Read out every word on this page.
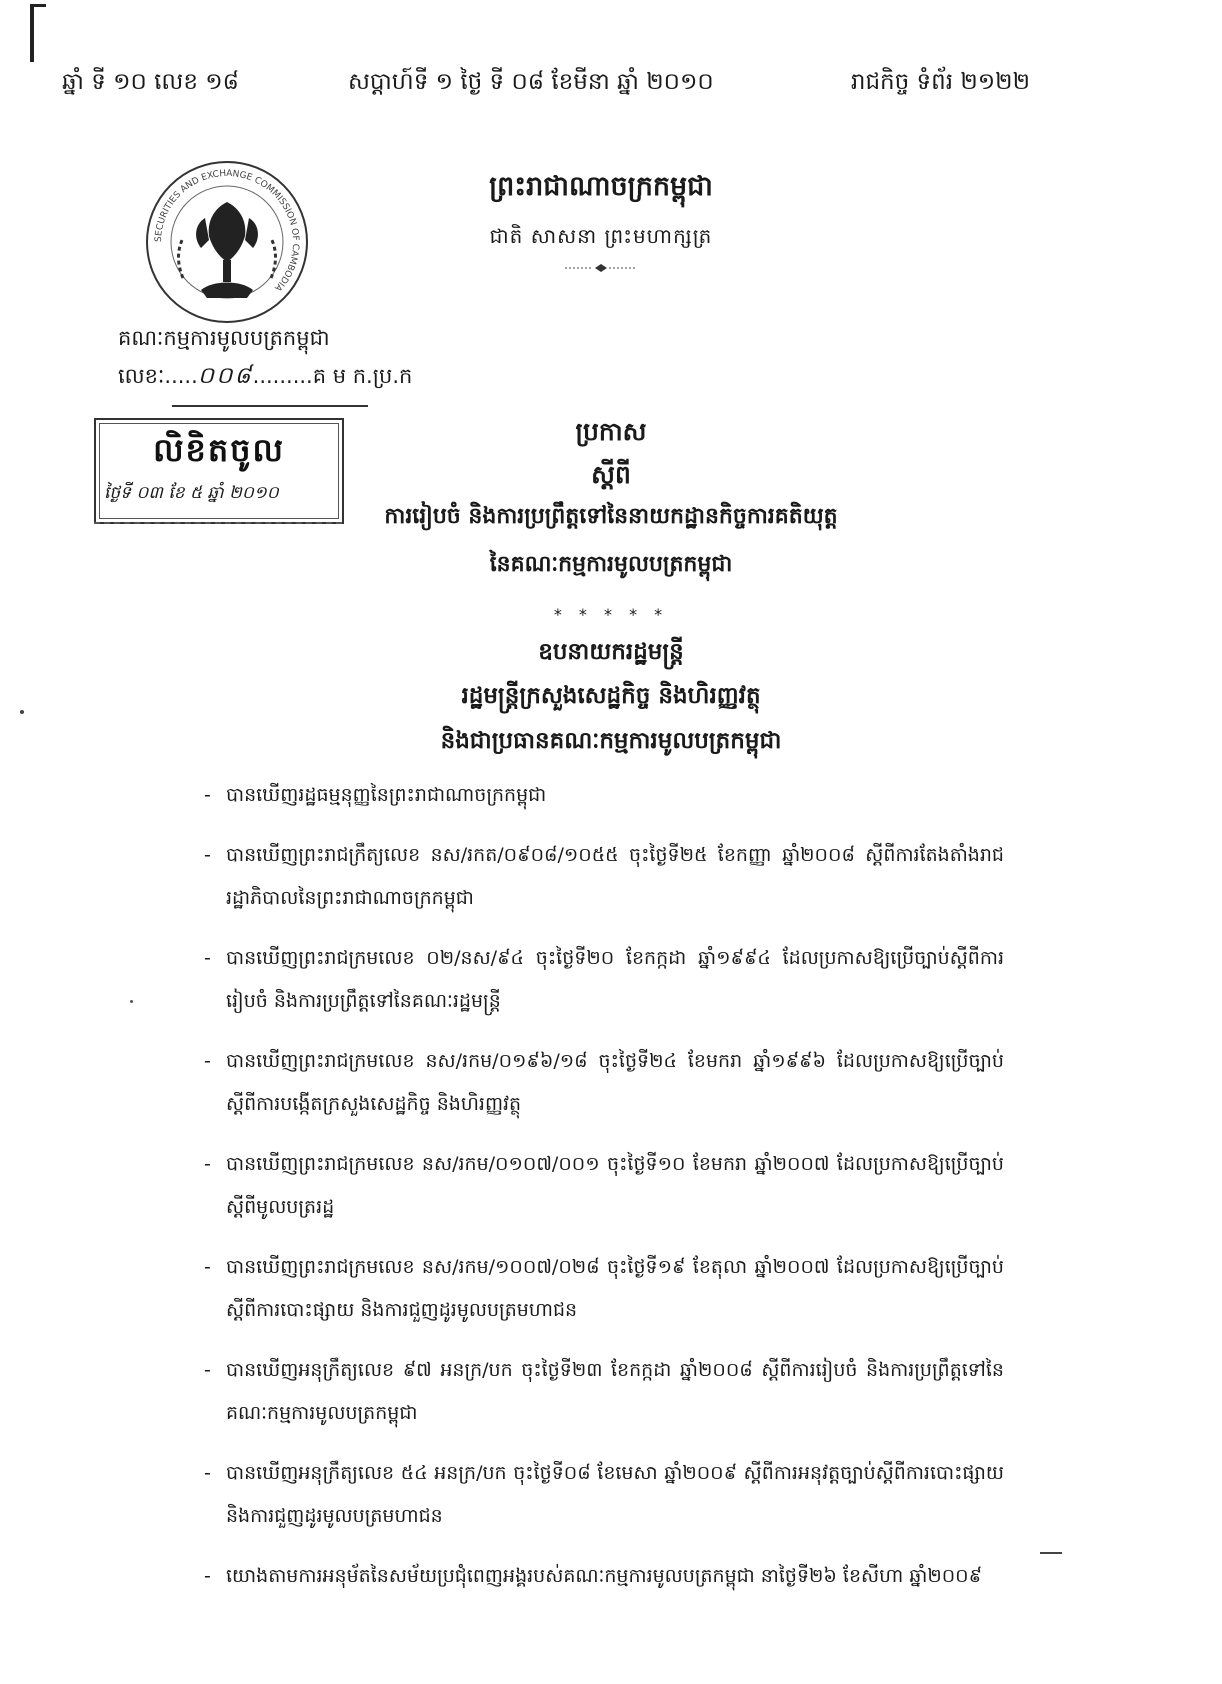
ឆ្នាំ ទី ១០ លេខ ១៨	សប្ដាហ៍ទី ១ ថ្ងៃ ទី ០៨ ខែមីនា ឆ្នាំ ២០១០	រាជកិច្ច ទំព័រ ២១២២
SECURITIES AND EXCHANGE COMMISSION OF CAMBODIA
ព្រះរាជាណាចក្រកម្ពុជា
ជាតិ សាសនា ព្រះមហាក្សត្រ
គណៈកម្មការមូលបត្រកម្ពុជា
លេខៈ.....០០៨.........គ ម ក.ប្រ.ក
លិខិតចូល
ថ្ងៃទី ០៣ ខែ ៥ ឆ្នាំ ២០១០
ប្រកាស
ស្ដីពី
ការរៀបចំ និងការប្រព្រឹត្តទៅនៃនាយកដ្ឋានកិច្ចការគតិយុត្ត
នៃគណៈកម្មការមូលបត្រកម្ពុជា
* * * * *
ឧបនាយករដ្ឋមន្ត្រី
រដ្ឋមន្ត្រីក្រសួងសេដ្ឋកិច្ច និងហិរញ្ញវត្ថុ
និងជាប្រធានគណៈកម្មការមូលបត្រកម្ពុជា
- បានឃើញរដ្ឋធម្មនុញ្ញនៃព្រះរាជាណាចក្រកម្ពុជា
- បានឃើញព្រះរាជក្រឹត្យលេខ នស/រកត/០៩០៨/១០៥៥ ចុះថ្ងៃទី២៥ ខែកញ្ញា ឆ្នាំ២០០៨ ស្ដីពីការតែងតាំងរាជរដ្ឋាភិបាលនៃព្រះរាជាណាចក្រកម្ពុជា
- បានឃើញព្រះរាជក្រមលេខ ០២/នស/៩៤ ចុះថ្ងៃទី២០ ខែកក្កដា ឆ្នាំ១៩៩៤ ដែលប្រកាសឱ្យប្រើច្បាប់ស្ដីពីការរៀបចំ និងការប្រព្រឹត្តទៅនៃគណៈរដ្ឋមន្ត្រី
- បានឃើញព្រះរាជក្រមលេខ នស/រកម/០១៩៦/១៨ ចុះថ្ងៃទី២៤ ខែមករា ឆ្នាំ១៩៩៦ ដែលប្រកាសឱ្យប្រើច្បាប់ស្ដីពីការបង្កើតក្រសួងសេដ្ឋកិច្ច និងហិរញ្ញវត្ថុ
- បានឃើញព្រះរាជក្រមលេខ នស/រកម/០១០៧/០០១ ចុះថ្ងៃទី១០ ខែមករា ឆ្នាំ២០០៧ ដែលប្រកាសឱ្យប្រើច្បាប់ស្ដីពីមូលបត្ររដ្ឋ
- បានឃើញព្រះរាជក្រមលេខ នស/រកម/១០០៧/០២៨ ចុះថ្ងៃទី១៩ ខែតុលា ឆ្នាំ២០០៧ ដែលប្រកាសឱ្យប្រើច្បាប់ស្ដីពីការបោះផ្សាយ និងការជួញដូរមូលបត្រមហាជន
- បានឃើញអនុក្រឹត្យលេខ ៩៧ អនក្រ/បក ចុះថ្ងៃទី២៣ ខែកក្កដា ឆ្នាំ២០០៨ ស្ដីពីការរៀបចំ និងការប្រព្រឹត្តទៅនៃគណៈកម្មការមូលបត្រកម្ពុជា
- បានឃើញអនុក្រឹត្យលេខ ៥៤ អនក្រ/បក ចុះថ្ងៃទី០៨ ខែមេសា ឆ្នាំ២០០៩ ស្ដីពីការអនុវត្តច្បាប់ស្ដីពីការបោះផ្សាយ និងការជួញដូរមូលបត្រមហាជន
- យោងតាមការអនុម័តនៃសម័យប្រជុំពេញអង្គរបស់គណៈកម្មការមូលបត្រកម្ពុជា នាថ្ងៃទី២៦ ខែសីហា ឆ្នាំ២០០៩
